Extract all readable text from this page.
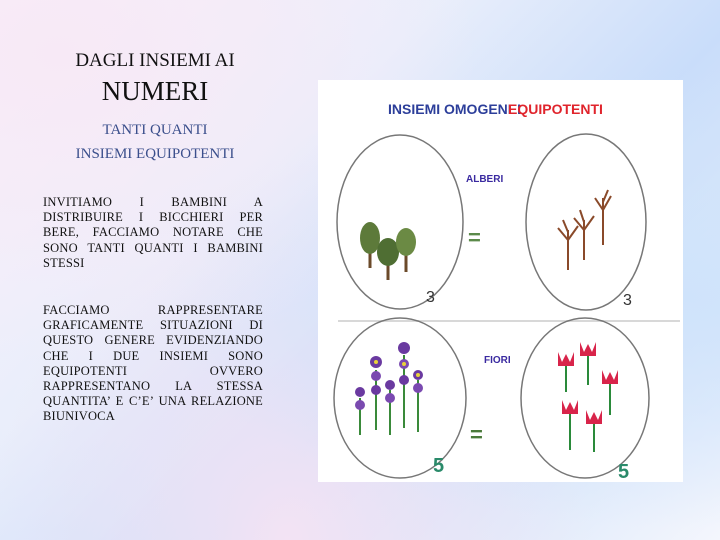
DAGLI INSIEMI AI
NUMERI
TANTI QUANTI
INSIEMI EQUIPOTENTI
INVITIAMO I BAMBINI A DISTRIBUIRE I BICCHIERI PER BERE, FACCIAMO NOTARE CHE SONO TANTI QUANTI I BAMBINI STESSI
FACCIAMO RAPPRESENTARE GRAFICAMENTE SITUAZIONI DI QUESTO GENERE EVIDENZIANDO CHE I DUE INSIEMI SONO EQUIPOTENTI OVVERO RAPPRESENTANO LA STESSA QUANTITA’ E C’E’ UNA RELAZIONE BIUNIVOCA
INSIEMI OMOGENEI
EQUIPOTENTI
ALBERI
FIORI
=
=
3	3
5	5
